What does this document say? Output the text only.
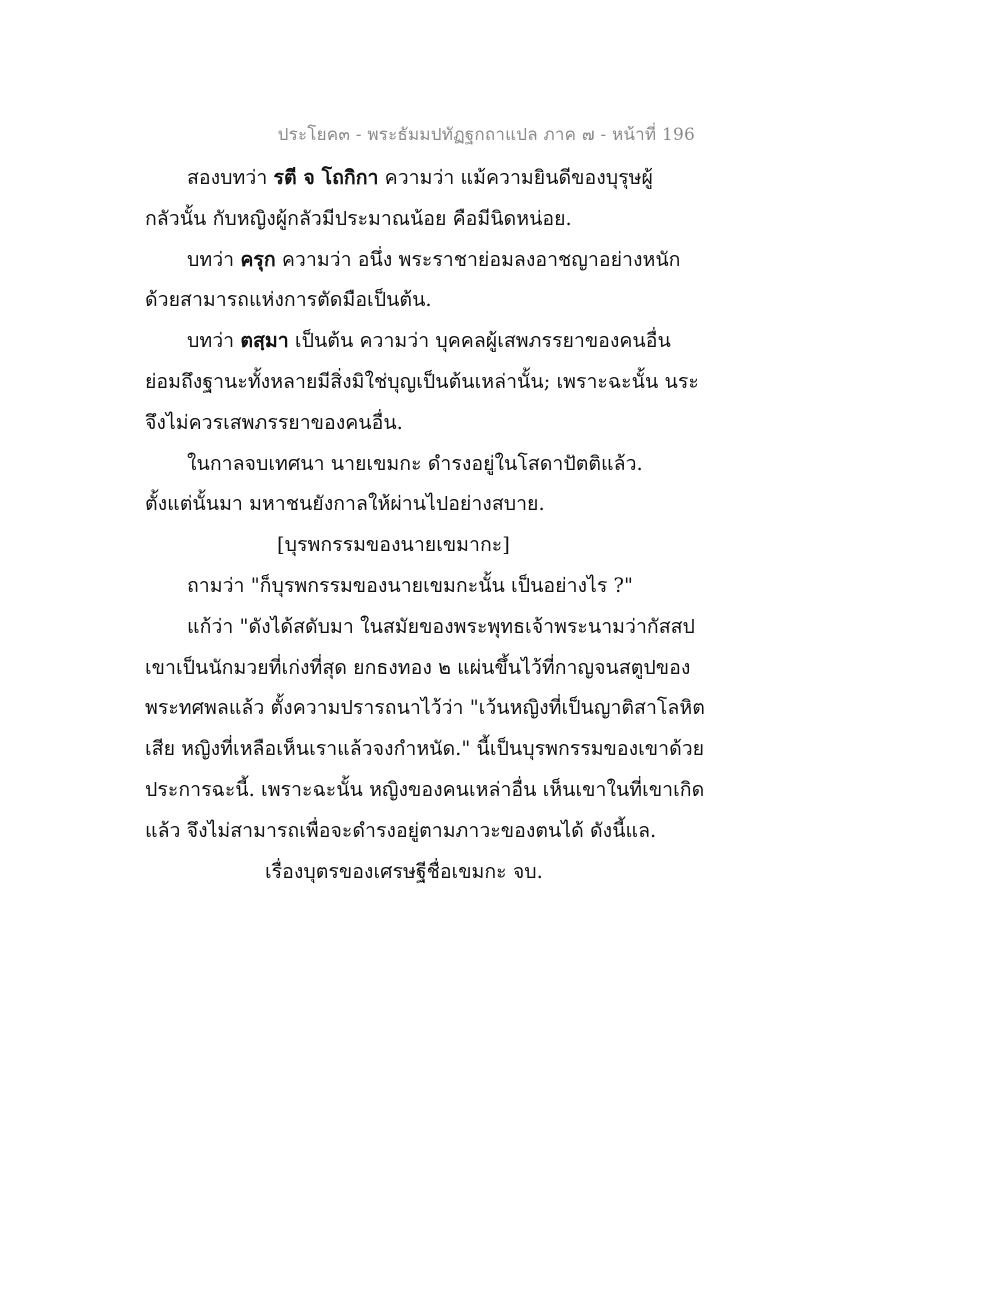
ประโยค๓ - พระธัมมปทัฏฐกถาแปล ภาค ๗ - หน้าที่ 196
สองบทว่า รตี จ โถกิกา ความว่า แม้ความยินดีของบุรุษผู้
กลัวนั้น กับหญิงผู้กลัวมีประมาณน้อย คือมีนิดหน่อย.
บทว่า ครุก ความว่า อนึ่ง พระราชาย่อมลงอาชญาอย่างหนัก
ด้วยสามารถแห่งการตัดมือเป็นต้น.
บทว่า ตสฺมา เป็นต้น ความว่า บุคคลผู้เสพภรรยาของคนอื่น
ย่อมถึงฐานะทั้งหลายมีสิ่งมิใช่บุญเป็นต้นเหล่านั้น; เพราะฉะนั้น นระ
จึงไม่ควรเสพภรรยาของคนอื่น.
ในกาลจบเทศนา นายเขมกะ ดำรงอยู่ในโสดาปัตติแล้ว.
ตั้งแต่นั้นมา มหาชนยังกาลให้ผ่านไปอย่างสบาย.
[บุรพกรรมของนายเขมากะ]
ถามว่า "ก็บุรพกรรมของนายเขมกะนั้น เป็นอย่างไร ?"
แก้ว่า "ดังได้สดับมา ในสมัยของพระพุทธเจ้าพระนามว่ากัสสป
เขาเป็นนักมวยที่เก่งที่สุด ยกธงทอง ๒ แผ่นขึ้นไว้ที่กาญจนสตูปของ
พระทศพลแล้ว ตั้งความปรารถนาไว้ว่า "เว้นหญิงที่เป็นญาติสาโลหิต
เสีย หญิงที่เหลือเห็นเราแล้วจงกำหนัด." นี้เป็นบุรพกรรมของเขาด้วย
ประการฉะนี้. เพราะฉะนั้น หญิงของคนเหล่าอื่น เห็นเขาในที่เขาเกิด
แล้ว จึงไม่สามารถเพื่อจะดำรงอยู่ตามภาวะของตนได้ ดังนี้แล.
เรื่องบุตรของเศรษฐีชื่อเขมกะ จบ.
